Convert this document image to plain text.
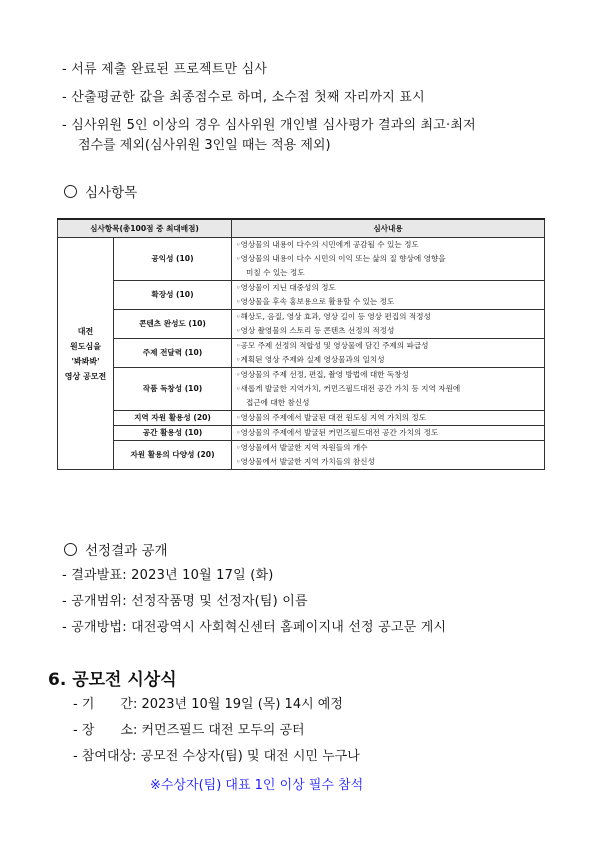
- 서류 제출 완료된 프로젝트만 심사
- 산출평균한 값을 최종점수로 하며, 소수점 첫째 자리까지 표시
- 심사위원 5인 이상의 경우 심사위원 개인별 심사평가 결과의 최고·최저
점수를 제외(심사위원 3인일 때는 적용 제외)
심사항목
심사항목(총100점 중 최대배점)		심사내용

대전
원도심을
'봐봐봐'
영상 공모전	공익성 (10)	◦영상물의 내용이 다수의 시민에게 공감될 수 있는 정도
◦영상물의 내용이 다수 시민의 이익 또는 삶의 질 향상에 영향을
미칠 수 있는 정도

	확장성 (10)	◦영상물이 지닌 대중성의 정도
◦영상물을 후속 홍보용으로 활용할 수 있는 정도

	콘텐츠 완성도 (10)	◦해상도, 음질, 영상 효과, 영상 길이 등 영상 편집의 적정성
◦영상 촬영물의 스토리 등 콘텐츠 선정의 적정성

	주제 전달력 (10)	◦공모 주제 선정의 적합성 및 영상물에 담긴 주제의 파급성
◦계획된 영상 주제와 실제 영상물과의 일치성

	작품 독창성 (10)	◦영상물의 주제 선정, 편집, 촬영 방법에 대한 독창성
◦새롭게 발굴한 지역가치, 커먼즈필드대전 공간 가치 등 지역 자원에
접근에 대한 참신성

	지역 자원 활용성 (20)	◦영상물의 주제에서 발굴된 대전 원도심 지역 가치의 정도

	공간 활용성 (10)	◦영상물의 주제에서 발굴된 커먼즈필드대전 공간 가치의 정도

	자원 활용의 다양성 (20)	◦영상물에서 발굴한 지역 자원들의 개수
◦영상물에서 발굴한 지역 가치들의 참신성
선정결과 공개
- 결과발표: 2023년 10월 17일 (화)
- 공개범위: 선정작품명 및 선정자(팀) 이름
- 공개방법: 대전광역시 사회혁신센터 홈페이지내 선정 공고문 게시
6. 공모전 시상식
- 기　　간: 2023년 10월 19일 (목) 14시 예정
- 장　　소: 커먼즈필드 대전 모두의 공터
- 참여대상: 공모전 수상자(팀) 및 대전 시민 누구나
※수상자(팀) 대표 1인 이상 필수 참석
